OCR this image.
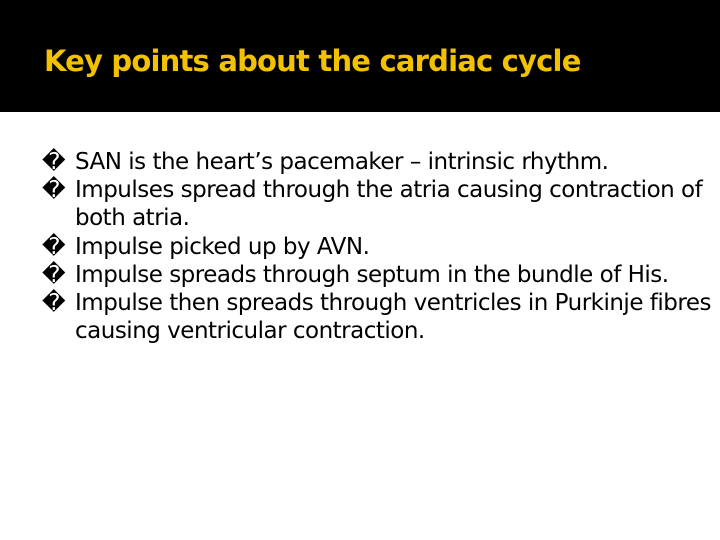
Key points about the cardiac cycle
� SAN is the heart’s pacemaker – intrinsic rhythm.
� Impulses spread through the atria causing contraction of both atria.
� Impulse picked up by AVN.
� Impulse spreads through septum in the bundle of His.
� Impulse then spreads through ventricles in Purkinje fibres causing ventricular contraction.
